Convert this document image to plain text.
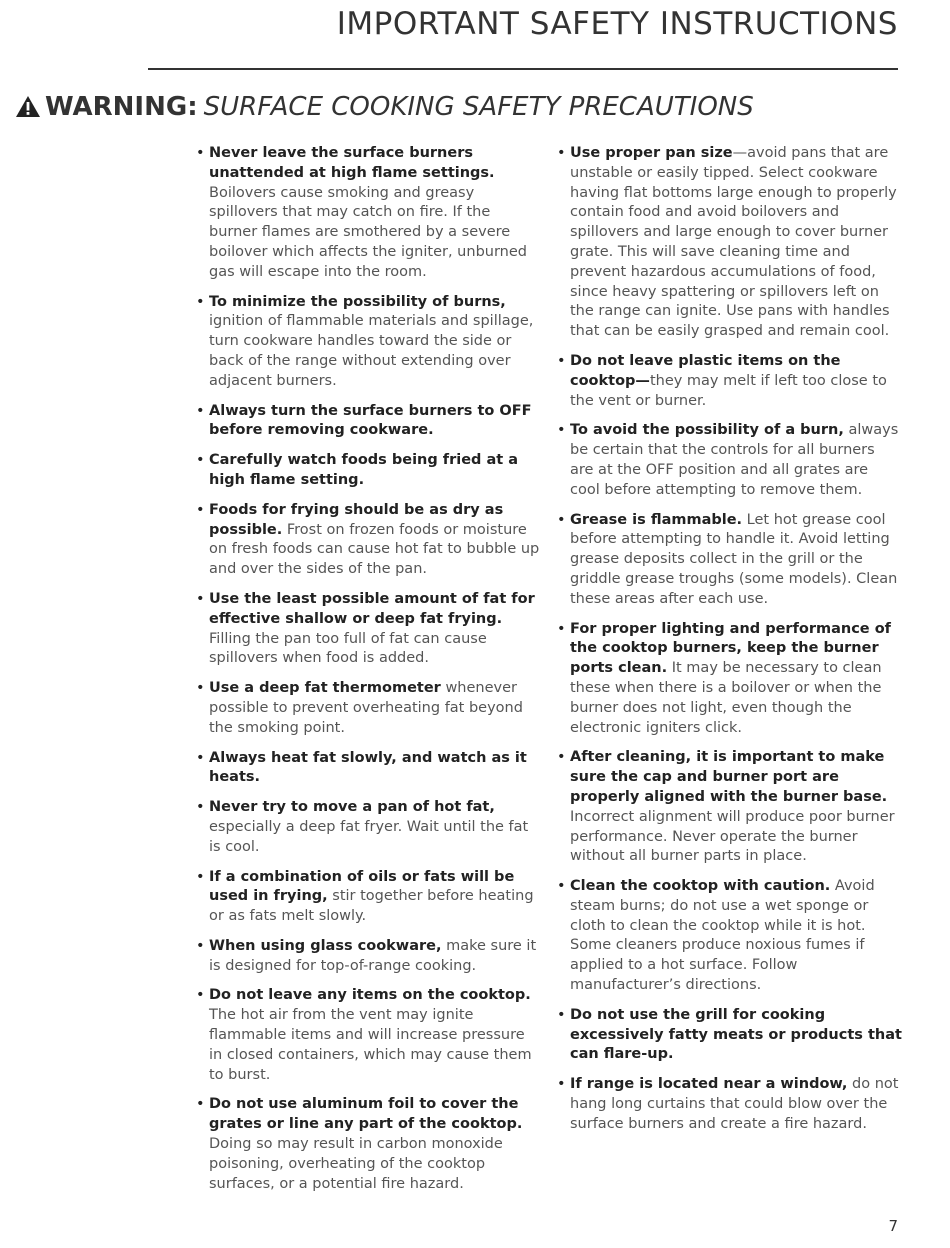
IMPORTANT SAFETY INSTRUCTIONS
WARNING: SURFACE COOKING SAFETY PRECAUTIONS
• Never leave the surface burners unattended at high flame settings. Boilovers cause smoking and greasy spillovers that may catch on fire. If the burner flames are smothered by a severe boilover which affects the igniter, unburned gas will escape into the room.
• To minimize the possibility of burns, ignition of flammable materials and spillage, turn cookware handles toward the side or back of the range without extending over adjacent burners.
• Always turn the surface burners to OFF before removing cookware.
• Carefully watch foods being fried at a high flame setting.
• Foods for frying should be as dry as possible. Frost on frozen foods or moisture on fresh foods can cause hot fat to bubble up and over the sides of the pan.
• Use the least possible amount of fat for effective shallow or deep fat frying. Filling the pan too full of fat can cause spillovers when food is added.
• Use a deep fat thermometer whenever possible to prevent overheating fat beyond the smoking point.
• Always heat fat slowly, and watch as it heats.
• Never try to move a pan of hot fat, especially a deep fat fryer. Wait until the fat is cool.
• If a combination of oils or fats will be used in frying, stir together before heating or as fats melt slowly.
• When using glass cookware, make sure it is designed for top-of-range cooking.
• Do not leave any items on the cooktop. The hot air from the vent may ignite flammable items and will increase pressure in closed containers, which may cause them to burst.
• Do not use aluminum foil to cover the grates or line any part of the cooktop. Doing so may result in carbon monoxide poisoning, overheating of the cooktop surfaces, or a potential fire hazard.
• Use proper pan size—avoid pans that are unstable or easily tipped. Select cookware having flat bottoms large enough to properly contain food and avoid boilovers and spillovers and large enough to cover burner grate. This will save cleaning time and prevent hazardous accumulations of food, since heavy spattering or spillovers left on the range can ignite. Use pans with handles that can be easily grasped and remain cool.
• Do not leave plastic items on the cooktop—they may melt if left too close to the vent or burner.
• To avoid the possibility of a burn, always be certain that the controls for all burners are at the OFF position and all grates are cool before attempting to remove them.
• Grease is flammable. Let hot grease cool before attempting to handle it. Avoid letting grease deposits collect in the grill or the griddle grease troughs (some models). Clean these areas after each use.
• For proper lighting and performance of the cooktop burners, keep the burner ports clean. It may be necessary to clean these when there is a boilover or when the burner does not light, even though the electronic igniters click.
• After cleaning, it is important to make sure the cap and burner port are properly aligned with the burner base. Incorrect alignment will produce poor burner performance. Never operate the burner without all burner parts in place.
• Clean the cooktop with caution. Avoid steam burns; do not use a wet sponge or cloth to clean the cooktop while it is hot. Some cleaners produce noxious fumes if applied to a hot surface. Follow manufacturer’s directions.
• Do not use the grill for cooking excessively fatty meats or products that can flare-up.
• If range is located near a window, do not hang long curtains that could blow over the surface burners and create a fire hazard.
7
